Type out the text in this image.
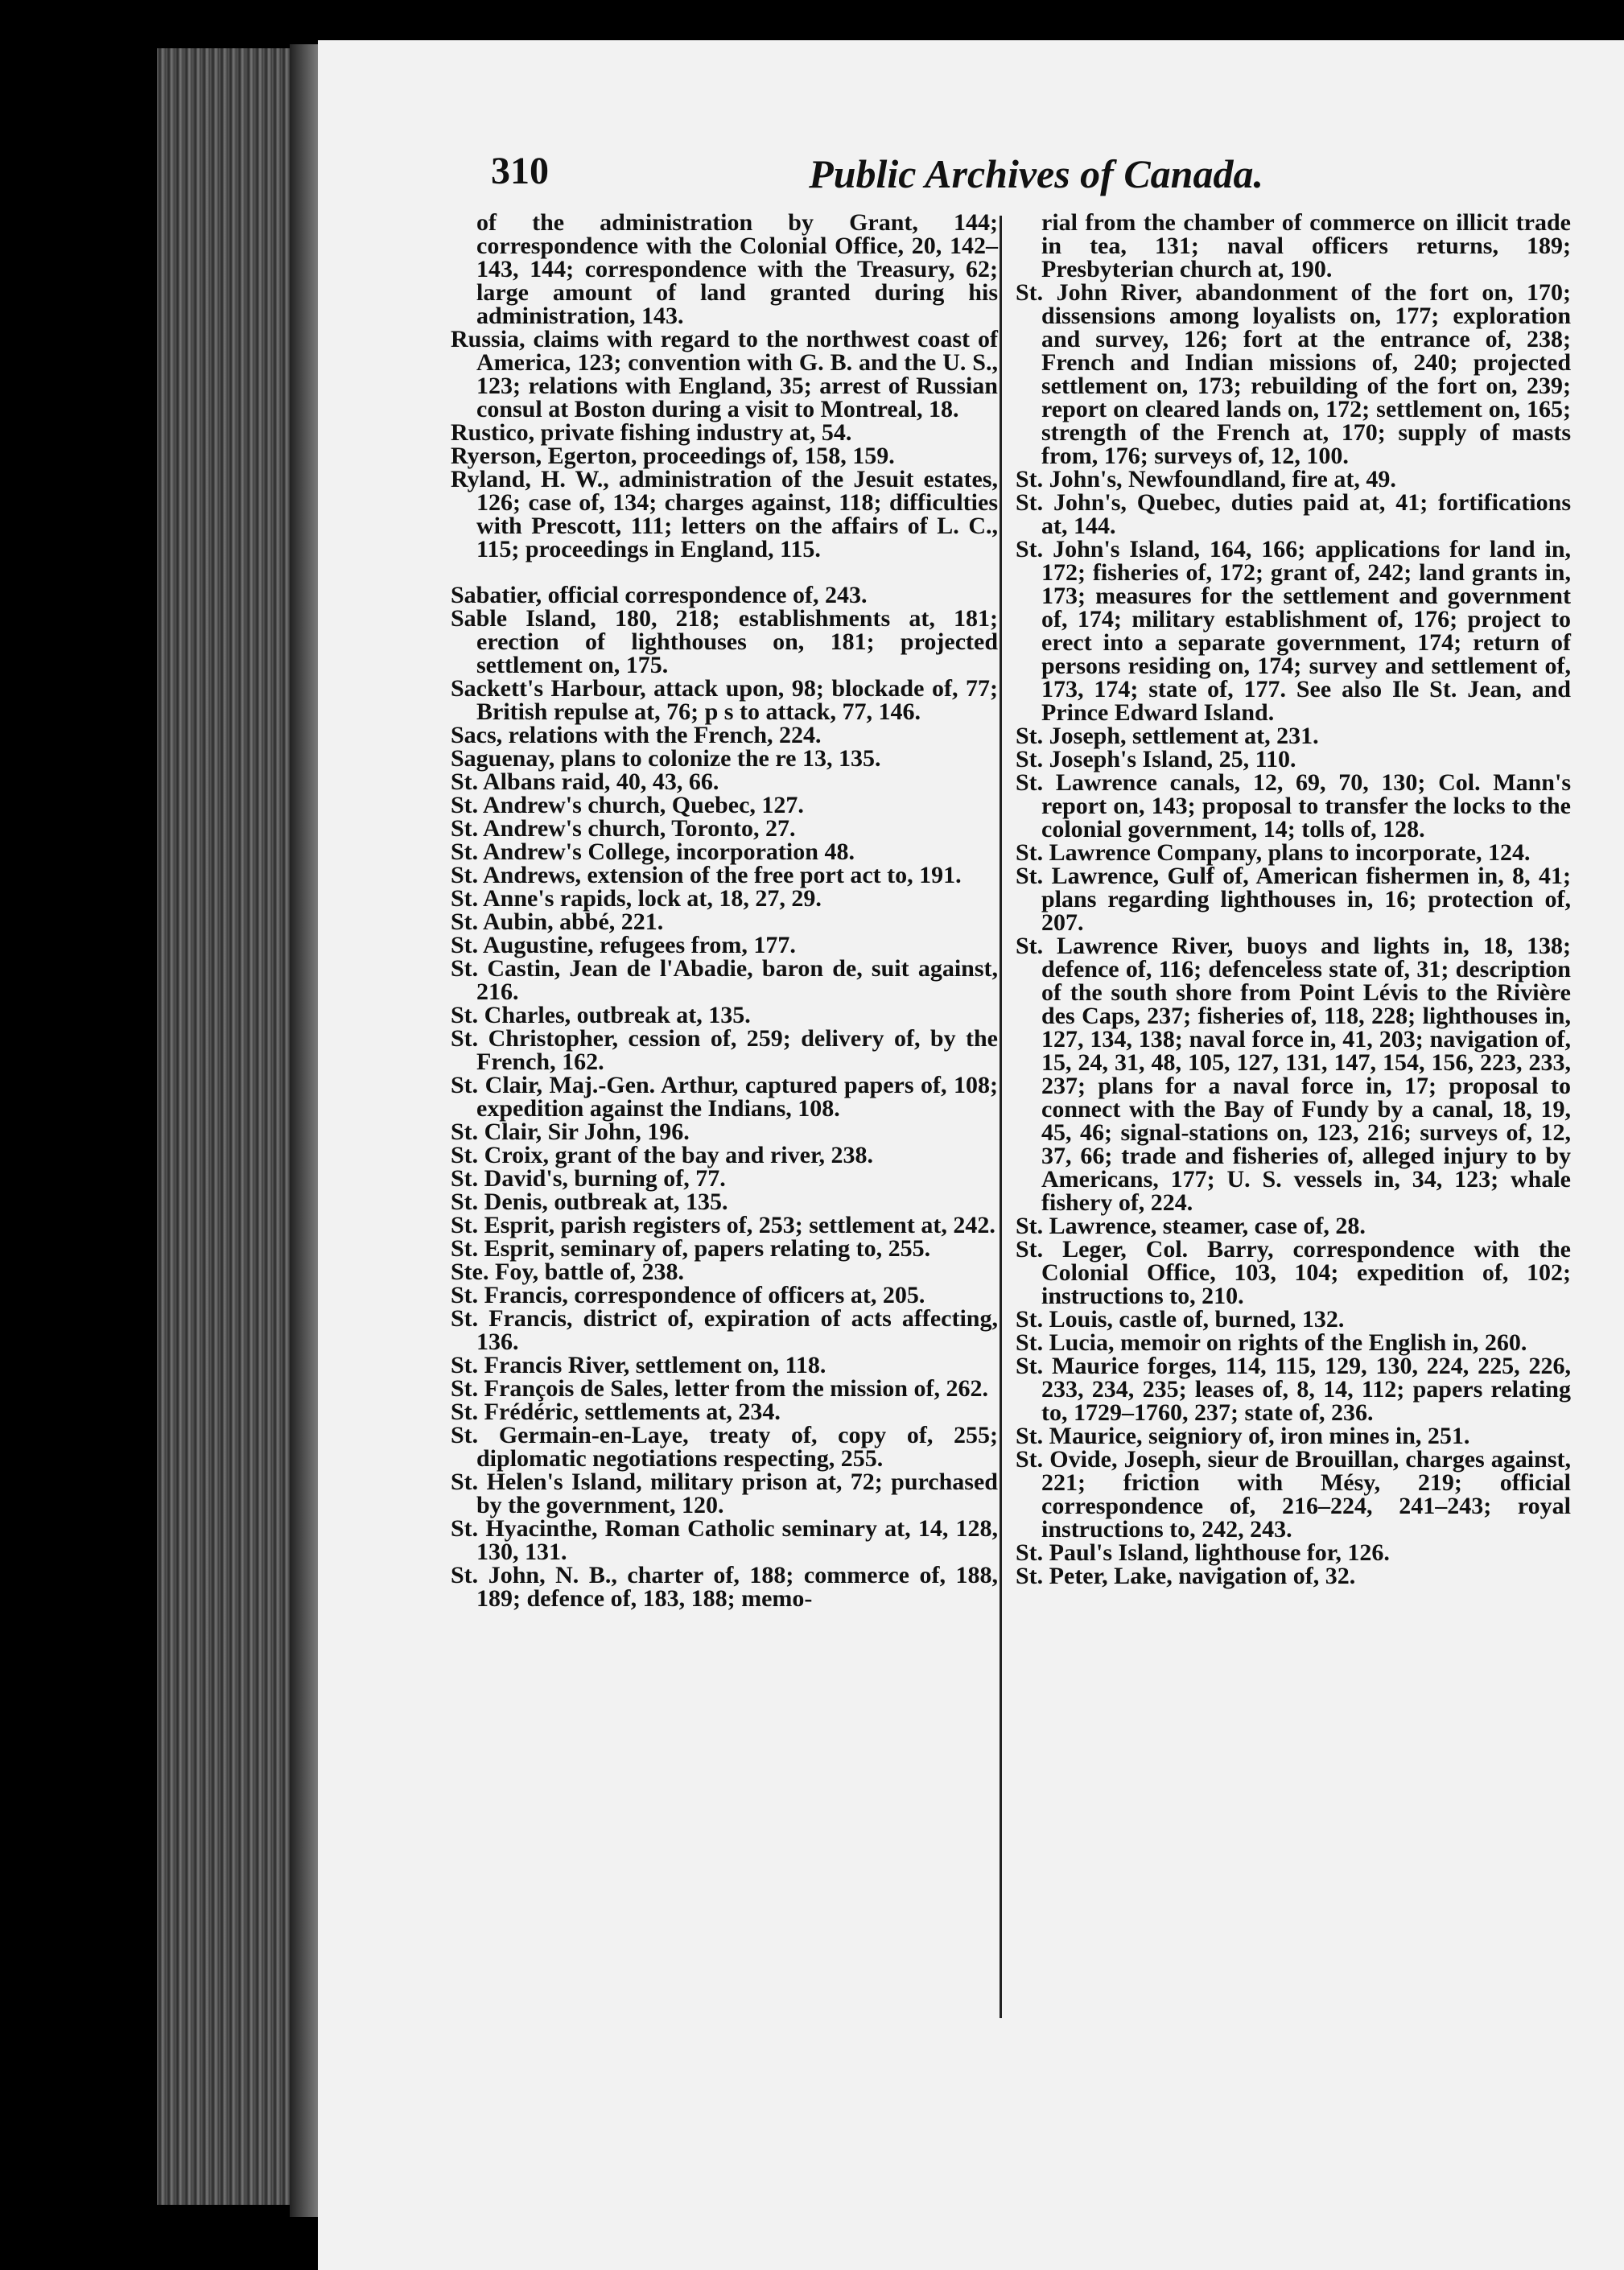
310	Public Archives of Canada.

of the administration by Grant, 144; correspondence with the Colonial Office, 20, 142–143, 144; correspondence with the Treasury, 62; large amount of land granted during his administration, 143.

Russia, claims with regard to the northwest coast of America, 123; convention with G. B. and the U. S., 123; relations with England, 35; arrest of Russian consul at Boston during a visit to Montreal, 18.

Rustico, private fishing industry at, 54.

Ryerson, Egerton, proceedings of, 158, 159.

Ryland, H. W., administration of the Jesuit estates, 126; case of, 134; charges against, 118; difficulties with Prescott, 111; letters on the affairs of L. C., 115; proceedings in England, 115.

Sabatier, official correspondence of, 243.

Sable Island, 180, 218; establishments at, 181; erection of lighthouses on, 181; projected settlement on, 175.

Sackett's Harbour, attack upon, 98; blockade of, 77; British repulse at, 76; p s to attack, 77, 146.

Sacs, relations with the French, 224.

Saguenay, plans to colonize the re 13, 135.

St. Albans raid, 40, 43, 66.

St. Andrew's church, Quebec, 127.

St. Andrew's church, Toronto, 27.

St. Andrew's College, incorporation 48.

St. Andrews, extension of the free port act to, 191.

St. Anne's rapids, lock at, 18, 27, 29.

St. Aubin, abbé, 221.

St. Augustine, refugees from, 177.

St. Castin, Jean de l'Abadie, baron de, suit against, 216.

St. Charles, outbreak at, 135.

St. Christopher, cession of, 259; delivery of, by the French, 162.

St. Clair, Maj.-Gen. Arthur, captured papers of, 108; expedition against the Indians, 108.

St. Clair, Sir John, 196.

St. Croix, grant of the bay and river, 238.

St. David's, burning of, 77.

St. Denis, outbreak at, 135.

St. Esprit, parish registers of, 253; settlement at, 242.

St. Esprit, seminary of, papers relating to, 255.

Ste. Foy, battle of, 238.

St. Francis, correspondence of officers at, 205.

St. Francis, district of, expiration of acts affecting, 136.

St. Francis River, settlement on, 118.

St. François de Sales, letter from the mission of, 262.

St. Frédéric, settlements at, 234.

St. Germain-en-Laye, treaty of, copy of, 255; diplomatic negotiations respecting, 255.

St. Helen's Island, military prison at, 72; purchased by the government, 120.

St. Hyacinthe, Roman Catholic seminary at, 14, 128, 130, 131.

St. John, N. B., charter of, 188; commerce of, 188, 189; defence of, 183, 188; memo-

rial from the chamber of commerce on illicit trade in tea, 131; naval officers returns, 189; Presbyterian church at, 190.

St. John River, abandonment of the fort on, 170; dissensions among loyalists on, 177; exploration and survey, 126; fort at the entrance of, 238; French and Indian missions of, 240; projected settlement on, 173; rebuilding of the fort on, 239; report on cleared lands on, 172; settlement on, 165; strength of the French at, 170; supply of masts from, 176; surveys of, 12, 100.

St. John's, Newfoundland, fire at, 49.

St. John's, Quebec, duties paid at, 41; fortifications at, 144.

St. John's Island, 164, 166; applications for land in, 172; fisheries of, 172; grant of, 242; land grants in, 173; measures for the settlement and government of, 174; military establishment of, 176; project to erect into a separate government, 174; return of persons residing on, 174; survey and settlement of, 173, 174; state of, 177. See also Ile St. Jean, and Prince Edward Island.

St. Joseph, settlement at, 231.

St. Joseph's Island, 25, 110.

St. Lawrence canals, 12, 69, 70, 130; Col. Mann's report on, 143; proposal to transfer the locks to the colonial government, 14; tolls of, 128.

St. Lawrence Company, plans to incorporate, 124.

St. Lawrence, Gulf of, American fishermen in, 8, 41; plans regarding lighthouses in, 16; protection of, 207.

St. Lawrence River, buoys and lights in, 18, 138; defence of, 116; defenceless state of, 31; description of the south shore from Point Lévis to the Rivière des Caps, 237; fisheries of, 118, 228; lighthouses in, 127, 134, 138; naval force in, 41, 203; navigation of, 15, 24, 31, 48, 105, 127, 131, 147, 154, 156, 223, 233, 237; plans for a naval force in, 17; proposal to connect with the Bay of Fundy by a canal, 18, 19, 45, 46; signal-stations on, 123, 216; surveys of, 12, 37, 66; trade and fisheries of, alleged injury to by Americans, 177; U. S. vessels in, 34, 123; whale fishery of, 224.

St. Lawrence, steamer, case of, 28.

St. Leger, Col. Barry, correspondence with the Colonial Office, 103, 104; expedition of, 102; instructions to, 210.

St. Louis, castle of, burned, 132.

St. Lucia, memoir on rights of the English in, 260.

St. Maurice forges, 114, 115, 129, 130, 224, 225, 226, 233, 234, 235; leases of, 8, 14, 112; papers relating to, 1729–1760, 237; state of, 236.

St. Maurice, seigniory of, iron mines in, 251.

St. Ovide, Joseph, sieur de Brouillan, charges against, 221; friction with Mésy, 219; official correspondence of, 216–224, 241–243; royal instructions to, 242, 243.

St. Paul's Island, lighthouse for, 126.

St. Peter, Lake, navigation of, 32.
